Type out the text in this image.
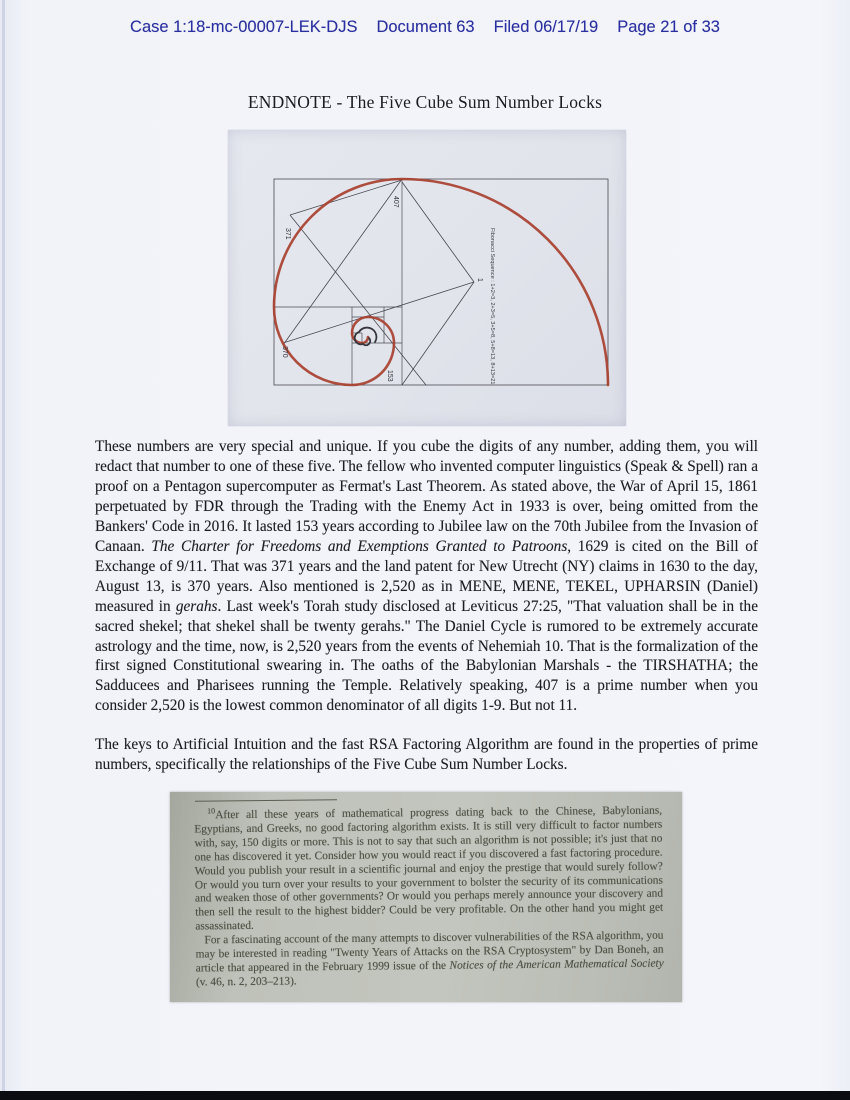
Case 1:18-mc-00007-LEK-DJS Document 63 Filed 06/17/19 Page 21 of 33
ENDNOTE - The Five Cube Sum Number Locks
407
371
370
153
1 Fibonacci Sequence : 1+2=3, 2+3=5, 3+5=8, 5+8=13, 8+13=21

These numbers are very special and unique. If you cube the digits of any number, adding them, you will redact that number to one of these five. The fellow who invented computer linguistics (Speak & Spell) ran a proof on a Pentagon supercomputer as Fermat's Last Theorem. As stated above, the War of April 15, 1861 perpetuated by FDR through the Trading with the Enemy Act in 1933 is over, being omitted from the Bankers' Code in 2016. It lasted 153 years according to Jubilee law on the 70th Jubilee from the Invasion of Canaan. The Charter for Freedoms and Exemptions Granted to Patroons, 1629 is cited on the Bill of Exchange of 9/11. That was 371 years and the land patent for New Utrecht (NY) claims in 1630 to the day, August 13, is 370 years. Also mentioned is 2,520 as in MENE, MENE, TEKEL, UPHARSIN (Daniel) measured in gerahs. Last week's Torah study disclosed at Leviticus 27:25, "That valuation shall be in the sacred shekel; that shekel shall be twenty gerahs." The Daniel Cycle is rumored to be extremely accurate astrology and the time, now, is 2,520 years from the events of Nehemiah 10. That is the formalization of the first signed Constitutional swearing in. The oaths of the Babylonian Marshals - the TIRSHATHA; the Sadducees and Pharisees running the Temple. Relatively speaking, 407 is a prime number when you consider 2,520 is the lowest common denominator of all digits 1-9. But not 11.

The keys to Artificial Intuition and the fast RSA Factoring Algorithm are found in the properties of prime numbers, specifically the relationships of the Five Cube Sum Number Locks.

$^{10}$After all these years of mathematical progress dating back to the Chinese, Babylonians, Egyptians, and Greeks, no good factoring algorithm exists. It is still very difficult to factor numbers with, say, 150 digits or more. This is not to say that such an algorithm is not possible; it's just that no one has discovered it yet. Consider how you would react if you discovered a fast factoring procedure. Would you publish your result in a scientific journal and enjoy the prestige that would surely follow? Or would you turn over your results to your government to bolster the security of its communications and weaken those of other governments? Or would you perhaps merely announce your discovery and then sell the result to the highest bidder? Could be very profitable. On the other hand you might get assassinated.

For a fascinating account of the many attempts to discover vulnerabilities of the RSA algorithm, you may be interested in reading "Twenty Years of Attacks on the RSA Cryptosystem" by Dan Boneh, an article that appeared in the February 1999 issue of the Notices of the American Mathematical Society (v. 46, n. 2, 203–213).
